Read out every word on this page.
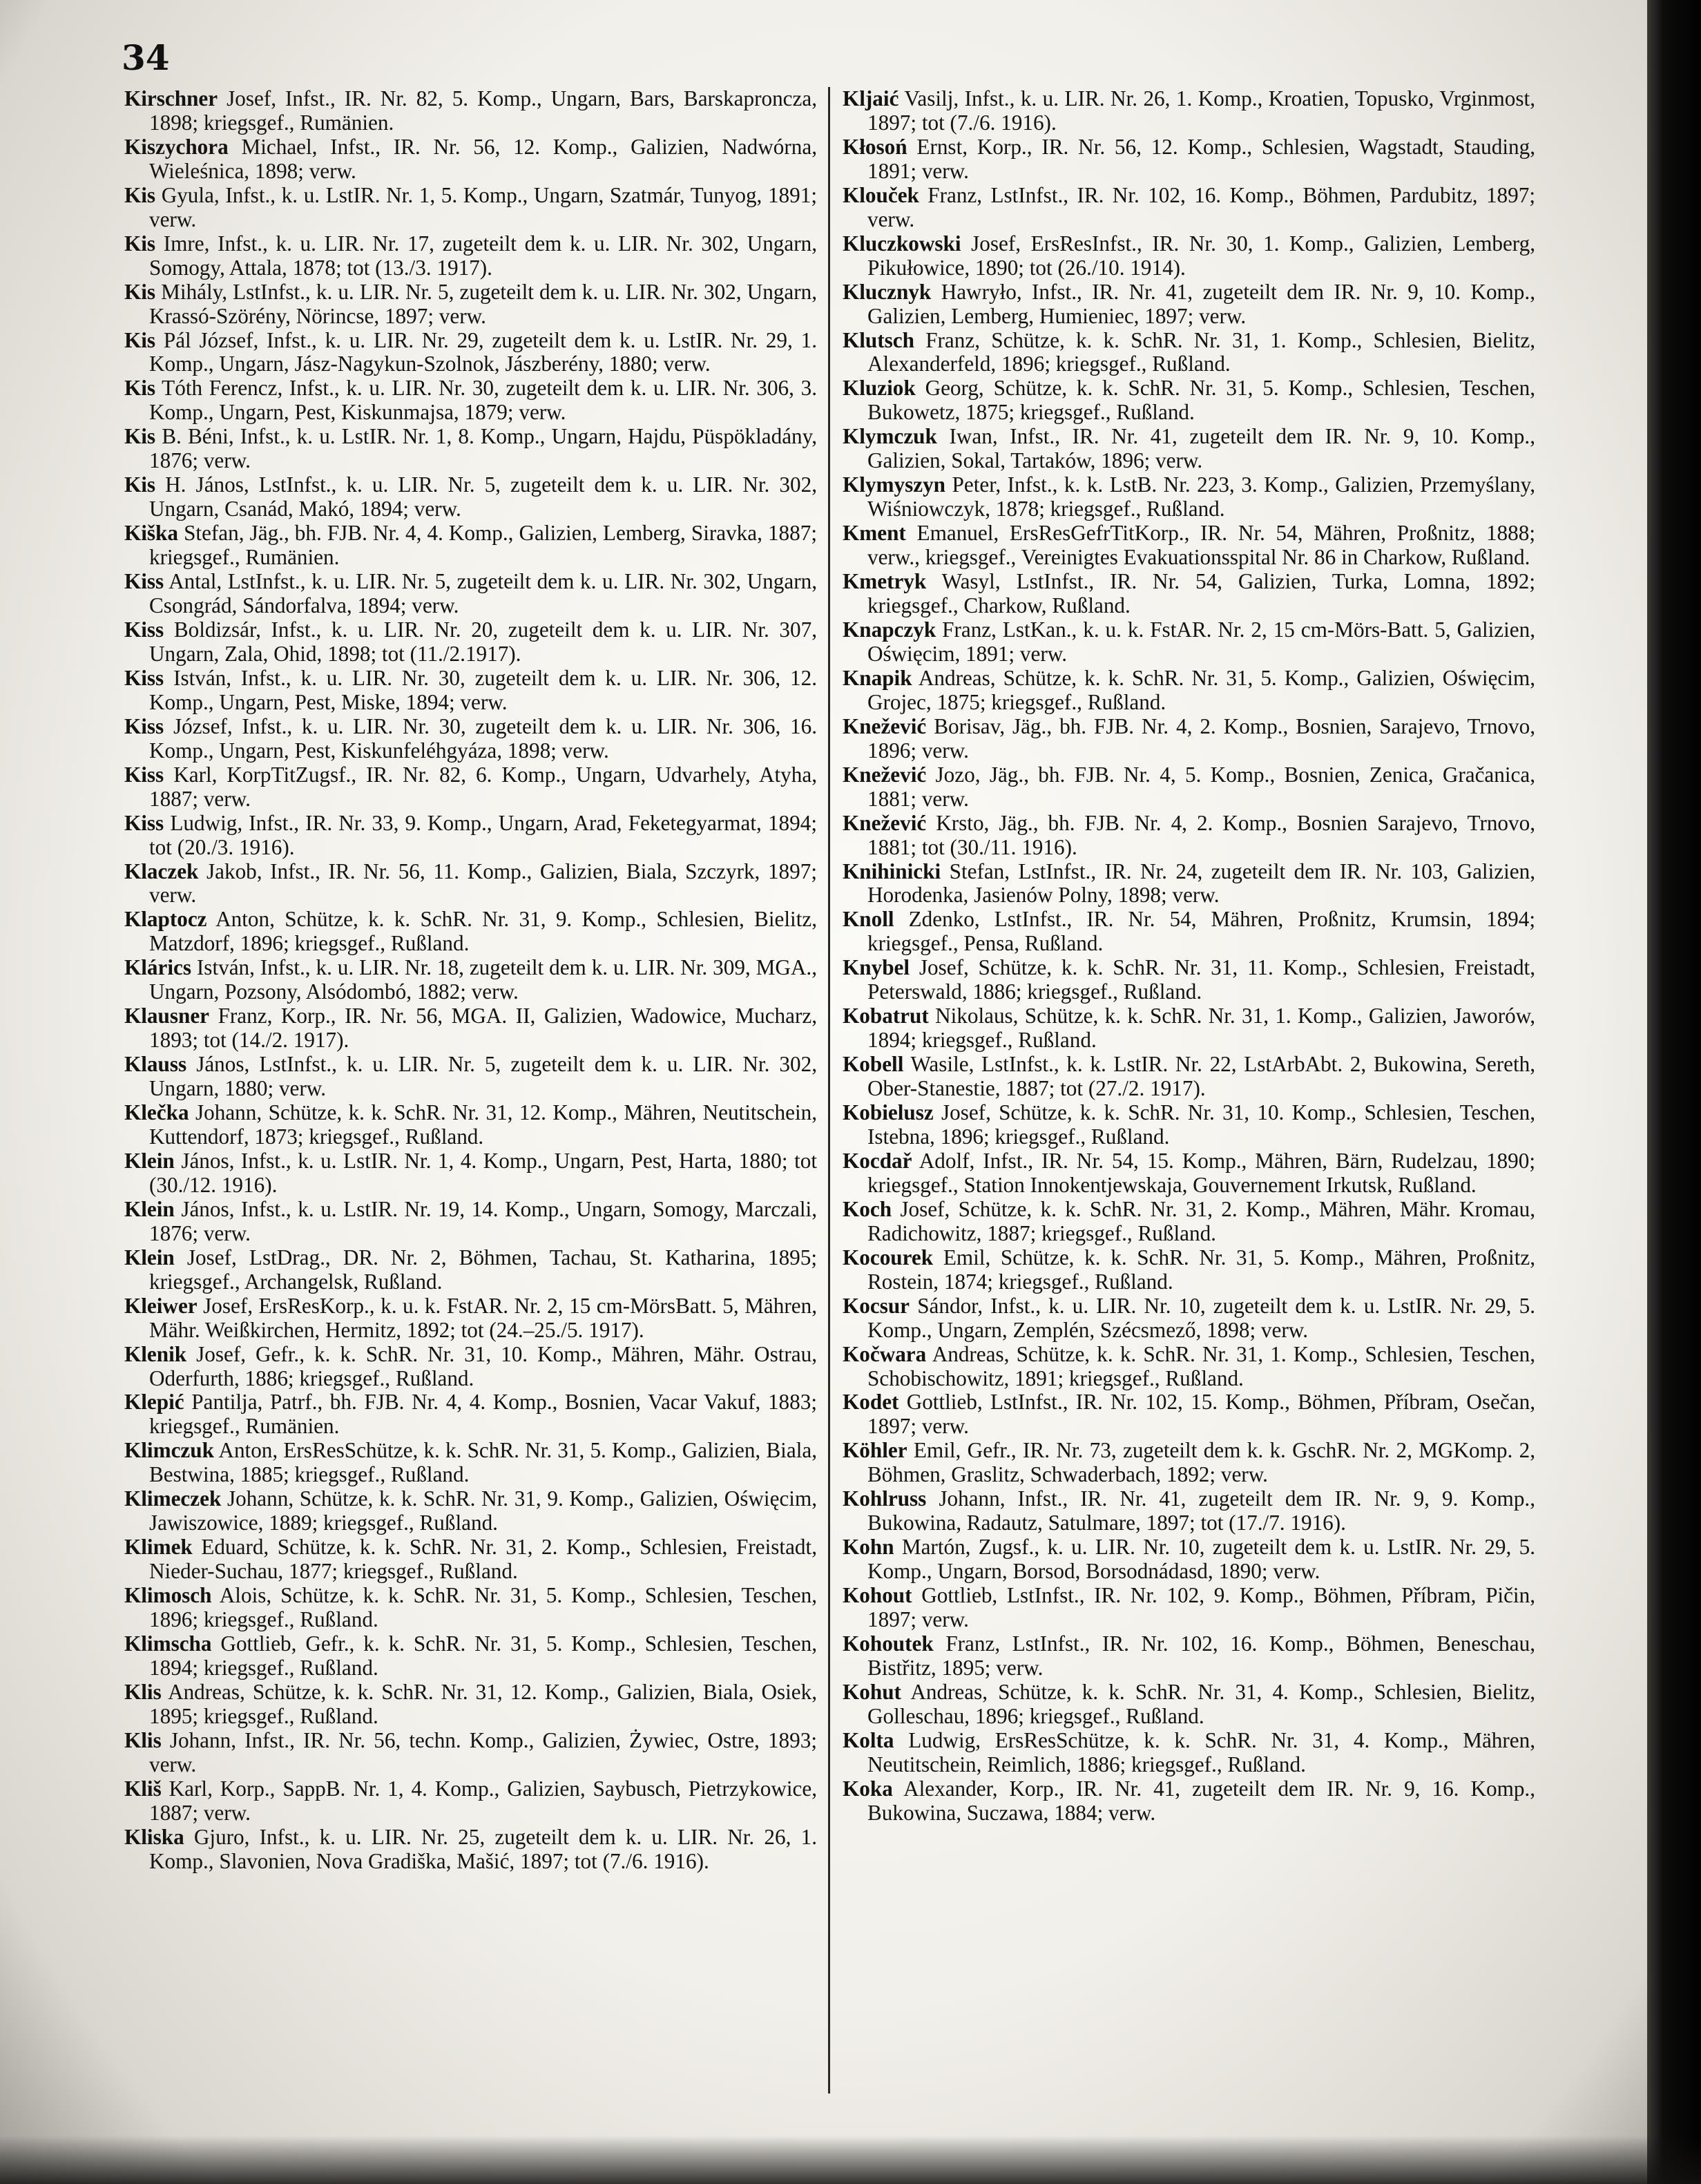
34

Kirschner Josef, Infst., IR. Nr. 82, 5. Komp., Ungarn, Bars, Barskaproncza, 1898; kriegsgef., Rumänien.

Kiszychora Michael, Infst., IR. Nr. 56, 12. Komp., Galizien, Nadwórna, Wieleśnica, 1898; verw.

Kis Gyula, Infst., k. u. LstIR. Nr. 1, 5. Komp., Ungarn, Szatmár, Tunyog, 1891; verw.

Kis Imre, Infst., k. u. LIR. Nr. 17, zugeteilt dem k. u. LIR. Nr. 302, Ungarn, Somogy, Attala, 1878; tot (13./3. 1917).

Kis Mihály, LstInfst., k. u. LIR. Nr. 5, zugeteilt dem k. u. LIR. Nr. 302, Ungarn, Krassó-Szörény, Nörincse, 1897; verw.

Kis Pál József, Infst., k. u. LIR. Nr. 29, zugeteilt dem k. u. LstIR. Nr. 29, 1. Komp., Ungarn, Jász-Nagykun-Szolnok, Jászberény, 1880; verw.

Kis Tóth Ferencz, Infst., k. u. LIR. Nr. 30, zugeteilt dem k. u. LIR. Nr. 306, 3. Komp., Ungarn, Pest, Kiskunmajsa, 1879; verw.

Kis B. Béni, Infst., k. u. LstIR. Nr. 1, 8. Komp., Ungarn, Hajdu, Püspökladány, 1876; verw.

Kis H. János, LstInfst., k. u. LIR. Nr. 5, zugeteilt dem k. u. LIR. Nr. 302, Ungarn, Csanád, Makó, 1894; verw.

Kiška Stefan, Jäg., bh. FJB. Nr. 4, 4. Komp., Galizien, Lemberg, Siravka, 1887; kriegsgef., Rumänien.

Kiss Antal, LstInfst., k. u. LIR. Nr. 5, zugeteilt dem k. u. LIR. Nr. 302, Ungarn, Csongrád, Sándorfalva, 1894; verw.

Kiss Boldizsár, Infst., k. u. LIR. Nr. 20, zugeteilt dem k. u. LIR. Nr. 307, Ungarn, Zala, Ohid, 1898; tot (11./2.1917).

Kiss István, Infst., k. u. LIR. Nr. 30, zugeteilt dem k. u. LIR. Nr. 306, 12. Komp., Ungarn, Pest, Miske, 1894; verw.

Kiss József, Infst., k. u. LIR. Nr. 30, zugeteilt dem k. u. LIR. Nr. 306, 16. Komp., Ungarn, Pest, Kiskunfeléhgyáza, 1898; verw.

Kiss Karl, KorpTitZugsf., IR. Nr. 82, 6. Komp., Ungarn, Udvarhely, Atyha, 1887; verw.

Kiss Ludwig, Infst., IR. Nr. 33, 9. Komp., Ungarn, Arad, Feketegyarmat, 1894; tot (20./3. 1916).

Klaczek Jakob, Infst., IR. Nr. 56, 11. Komp., Galizien, Biala, Szczyrk, 1897; verw.

Klaptocz Anton, Schütze, k. k. SchR. Nr. 31, 9. Komp., Schlesien, Bielitz, Matzdorf, 1896; kriegsgef., Rußland.

Klárics István, Infst., k. u. LIR. Nr. 18, zugeteilt dem k. u. LIR. Nr. 309, MGA., Ungarn, Pozsony, Alsódombó, 1882; verw.

Klausner Franz, Korp., IR. Nr. 56, MGA. II, Galizien, Wadowice, Mucharz, 1893; tot (14./2. 1917).

Klauss János, LstInfst., k. u. LIR. Nr. 5, zugeteilt dem k. u. LIR. Nr. 302, Ungarn, 1880; verw.

Klečka Johann, Schütze, k. k. SchR. Nr. 31, 12. Komp., Mähren, Neutitschein, Kuttendorf, 1873; kriegsgef., Rußland.

Klein János, Infst., k. u. LstIR. Nr. 1, 4. Komp., Ungarn, Pest, Harta, 1880; tot (30./12. 1916).

Klein János, Infst., k. u. LstIR. Nr. 19, 14. Komp., Ungarn, Somogy, Marczali, 1876; verw.

Klein Josef, LstDrag., DR. Nr. 2, Böhmen, Tachau, St. Katharina, 1895; kriegsgef., Archangelsk, Rußland.

Kleiwer Josef, ErsResKorp., k. u. k. FstAR. Nr. 2, 15 cm-MörsBatt. 5, Mähren, Mähr. Weißkirchen, Hermitz, 1892; tot (24.–25./5. 1917).

Klenik Josef, Gefr., k. k. SchR. Nr. 31, 10. Komp., Mähren, Mähr. Ostrau, Oderfurth, 1886; kriegsgef., Rußland.

Klepić Pantilja, Patrf., bh. FJB. Nr. 4, 4. Komp., Bosnien, Vacar Vakuf, 1883; kriegsgef., Rumänien.

Klimczuk Anton, ErsResSchütze, k. k. SchR. Nr. 31, 5. Komp., Galizien, Biala, Bestwina, 1885; kriegsgef., Rußland.

Klimeczek Johann, Schütze, k. k. SchR. Nr. 31, 9. Komp., Galizien, Oświęcim, Jawiszowice, 1889; kriegsgef., Rußland.

Klimek Eduard, Schütze, k. k. SchR. Nr. 31, 2. Komp., Schlesien, Freistadt, Nieder-Suchau, 1877; kriegsgef., Rußland.

Klimosch Alois, Schütze, k. k. SchR. Nr. 31, 5. Komp., Schlesien, Teschen, 1896; kriegsgef., Rußland.

Klimscha Gottlieb, Gefr., k. k. SchR. Nr. 31, 5. Komp., Schlesien, Teschen, 1894; kriegsgef., Rußland.

Klis Andreas, Schütze, k. k. SchR. Nr. 31, 12. Komp., Galizien, Biala, Osiek, 1895; kriegsgef., Rußland.

Klis Johann, Infst., IR. Nr. 56, techn. Komp., Galizien, Żywiec, Ostre, 1893; verw.

Kliš Karl, Korp., SappB. Nr. 1, 4. Komp., Galizien, Saybusch, Pietrzykowice, 1887; verw.

Kliska Gjuro, Infst., k. u. LIR. Nr. 25, zugeteilt dem k. u. LIR. Nr. 26, 1. Komp., Slavonien, Nova Gradiška, Mašić, 1897; tot (7./6. 1916).

Kljaić Vasilj, Infst., k. u. LIR. Nr. 26, 1. Komp., Kroatien, Topusko, Vrginmost, 1897; tot (7./6. 1916).

Kłosoń Ernst, Korp., IR. Nr. 56, 12. Komp., Schlesien, Wagstadt, Stauding, 1891; verw.

Klouček Franz, LstInfst., IR. Nr. 102, 16. Komp., Böhmen, Pardubitz, 1897; verw.

Kluczkowski Josef, ErsResInfst., IR. Nr. 30, 1. Komp., Galizien, Lemberg, Pikułowice, 1890; tot (26./10. 1914).

Klucznyk Hawryło, Infst., IR. Nr. 41, zugeteilt dem IR. Nr. 9, 10. Komp., Galizien, Lemberg, Humieniec, 1897; verw.

Klutsch Franz, Schütze, k. k. SchR. Nr. 31, 1. Komp., Schlesien, Bielitz, Alexanderfeld, 1896; kriegsgef., Rußland.

Kluziok Georg, Schütze, k. k. SchR. Nr. 31, 5. Komp., Schlesien, Teschen, Bukowetz, 1875; kriegsgef., Rußland.

Klymczuk Iwan, Infst., IR. Nr. 41, zugeteilt dem IR. Nr. 9, 10. Komp., Galizien, Sokal, Tartaków, 1896; verw.

Klymyszyn Peter, Infst., k. k. LstB. Nr. 223, 3. Komp., Galizien, Przemyślany, Wiśniowczyk, 1878; kriegsgef., Rußland.

Kment Emanuel, ErsResGefrTitKorp., IR. Nr. 54, Mähren, Proßnitz, 1888; verw., kriegsgef., Vereinigtes Evakuationsspital Nr. 86 in Charkow, Rußland.

Kmetryk Wasyl, LstInfst., IR. Nr. 54, Galizien, Turka, Lomna, 1892; kriegsgef., Charkow, Rußland.

Knapczyk Franz, LstKan., k. u. k. FstAR. Nr. 2, 15 cm-Mörs-Batt. 5, Galizien, Oświęcim, 1891; verw.

Knapik Andreas, Schütze, k. k. SchR. Nr. 31, 5. Komp., Galizien, Oświęcim, Grojec, 1875; kriegsgef., Rußland.

Knežević Borisav, Jäg., bh. FJB. Nr. 4, 2. Komp., Bosnien, Sarajevo, Trnovo, 1896; verw.

Knežević Jozo, Jäg., bh. FJB. Nr. 4, 5. Komp., Bosnien, Zenica, Gračanica, 1881; verw.

Knežević Krsto, Jäg., bh. FJB. Nr. 4, 2. Komp., Bosnien Sarajevo, Trnovo, 1881; tot (30./11. 1916).

Knihinicki Stefan, LstInfst., IR. Nr. 24, zugeteilt dem IR. Nr. 103, Galizien, Horodenka, Jasienów Polny, 1898; verw.

Knoll Zdenko, LstInfst., IR. Nr. 54, Mähren, Proßnitz, Krumsin, 1894; kriegsgef., Pensa, Rußland.

Knybel Josef, Schütze, k. k. SchR. Nr. 31, 11. Komp., Schlesien, Freistadt, Peterswald, 1886; kriegsgef., Rußland.

Kobatrut Nikolaus, Schütze, k. k. SchR. Nr. 31, 1. Komp., Galizien, Jaworów, 1894; kriegsgef., Rußland.

Kobell Wasile, LstInfst., k. k. LstIR. Nr. 22, LstArbAbt. 2, Bukowina, Sereth, Ober-Stanestie, 1887; tot (27./2. 1917).

Kobielusz Josef, Schütze, k. k. SchR. Nr. 31, 10. Komp., Schlesien, Teschen, Istebna, 1896; kriegsgef., Rußland.

Kocdař Adolf, Infst., IR. Nr. 54, 15. Komp., Mähren, Bärn, Rudelzau, 1890; kriegsgef., Station Innokentjewskaja, Gouvernement Irkutsk, Rußland.

Koch Josef, Schütze, k. k. SchR. Nr. 31, 2. Komp., Mähren, Mähr. Kromau, Radichowitz, 1887; kriegsgef., Rußland.

Kocourek Emil, Schütze, k. k. SchR. Nr. 31, 5. Komp., Mähren, Proßnitz, Rostein, 1874; kriegsgef., Rußland.

Kocsur Sándor, Infst., k. u. LIR. Nr. 10, zugeteilt dem k. u. LstIR. Nr. 29, 5. Komp., Ungarn, Zemplén, Szécsmező, 1898; verw.

Kočwara Andreas, Schütze, k. k. SchR. Nr. 31, 1. Komp., Schlesien, Teschen, Schobischowitz, 1891; kriegsgef., Rußland.

Kodet Gottlieb, LstInfst., IR. Nr. 102, 15. Komp., Böhmen, Příbram, Osečan, 1897; verw.

Köhler Emil, Gefr., IR. Nr. 73, zugeteilt dem k. k. GschR. Nr. 2, MGKomp. 2, Böhmen, Graslitz, Schwaderbach, 1892; verw.

Kohlruss Johann, Infst., IR. Nr. 41, zugeteilt dem IR. Nr. 9, 9. Komp., Bukowina, Radautz, Satulmare, 1897; tot (17./7. 1916).

Kohn Martón, Zugsf., k. u. LIR. Nr. 10, zugeteilt dem k. u. LstIR. Nr. 29, 5. Komp., Ungarn, Borsod, Borsodnádasd, 1890; verw.

Kohout Gottlieb, LstInfst., IR. Nr. 102, 9. Komp., Böhmen, Příbram, Pičin, 1897; verw.

Kohoutek Franz, LstInfst., IR. Nr. 102, 16. Komp., Böhmen, Beneschau, Bistřitz, 1895; verw.

Kohut Andreas, Schütze, k. k. SchR. Nr. 31, 4. Komp., Schlesien, Bielitz, Golleschau, 1896; kriegsgef., Rußland.

Kolta Ludwig, ErsResSchütze, k. k. SchR. Nr. 31, 4. Komp., Mähren, Neutitschein, Reimlich, 1886; kriegsgef., Rußland.

Koka Alexander, Korp., IR. Nr. 41, zugeteilt dem IR. Nr. 9, 16. Komp., Bukowina, Suczawa, 1884; verw.
